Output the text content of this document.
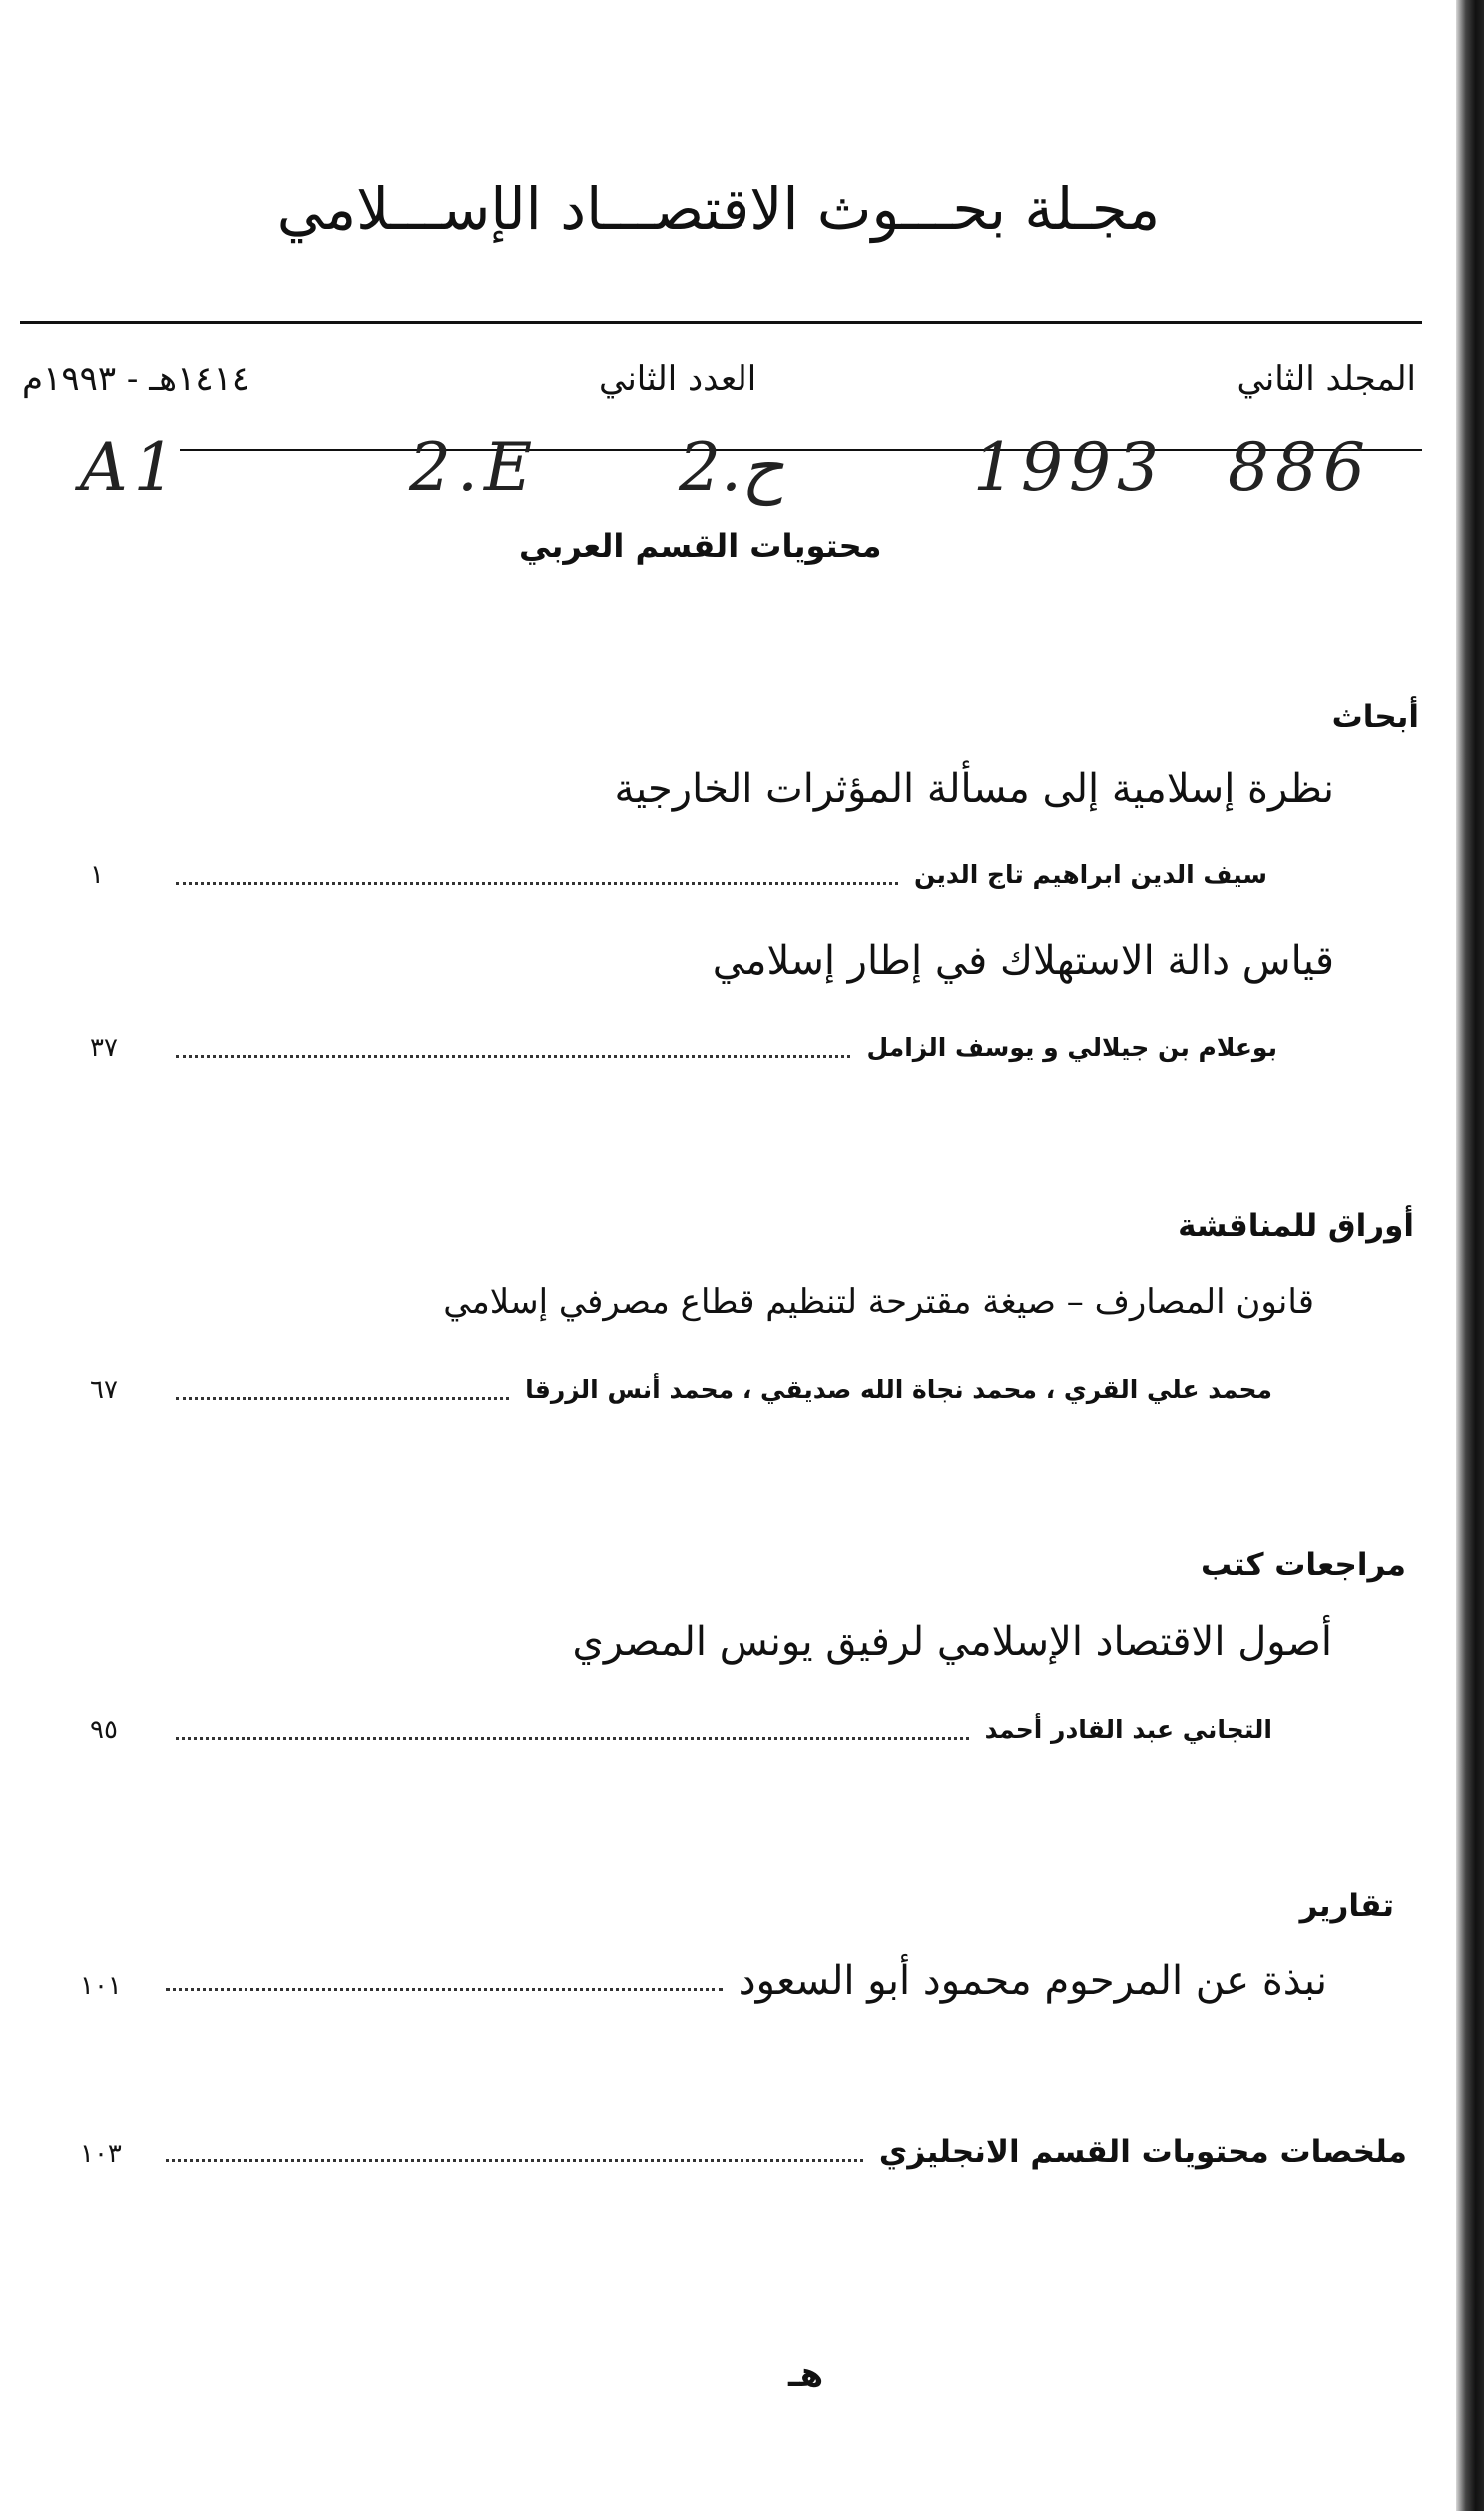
مجـلة بحـــوث الاقتصـــاد الإســـلامي
المجلد الثاني
العدد الثاني
١٤١٤هـ - ١٩٩٣م
A1	2.E 2.ح	1993 886
محتويات القسم العربي
أبحاث
نظرة إسلامية إلى مسألة المؤثرات الخارجية
سيف الدين ابراهيم تاج الدين
١
قياس دالة الاستهلاك في إطار إسلامي
بوعلام بن جيلالي و يوسف الزامل
٣٧
أوراق للمناقشة
قانون المصارف – صيغة مقترحة لتنظيم قطاع مصرفي إسلامي
محمد علي القري ، محمد نجاة الله صديقي ، محمد أنس الزرقا
٦٧
مراجعات كتب
أصول الاقتصاد الإسلامي لرفيق يونس المصري
التجاني عبد القادر أحمد
٩٥
تقارير
نبذة عن المرحوم محمود أبو السعود
١٠١
ملخصات محتويات القسم الانجليزي
١٠٣
هـ
